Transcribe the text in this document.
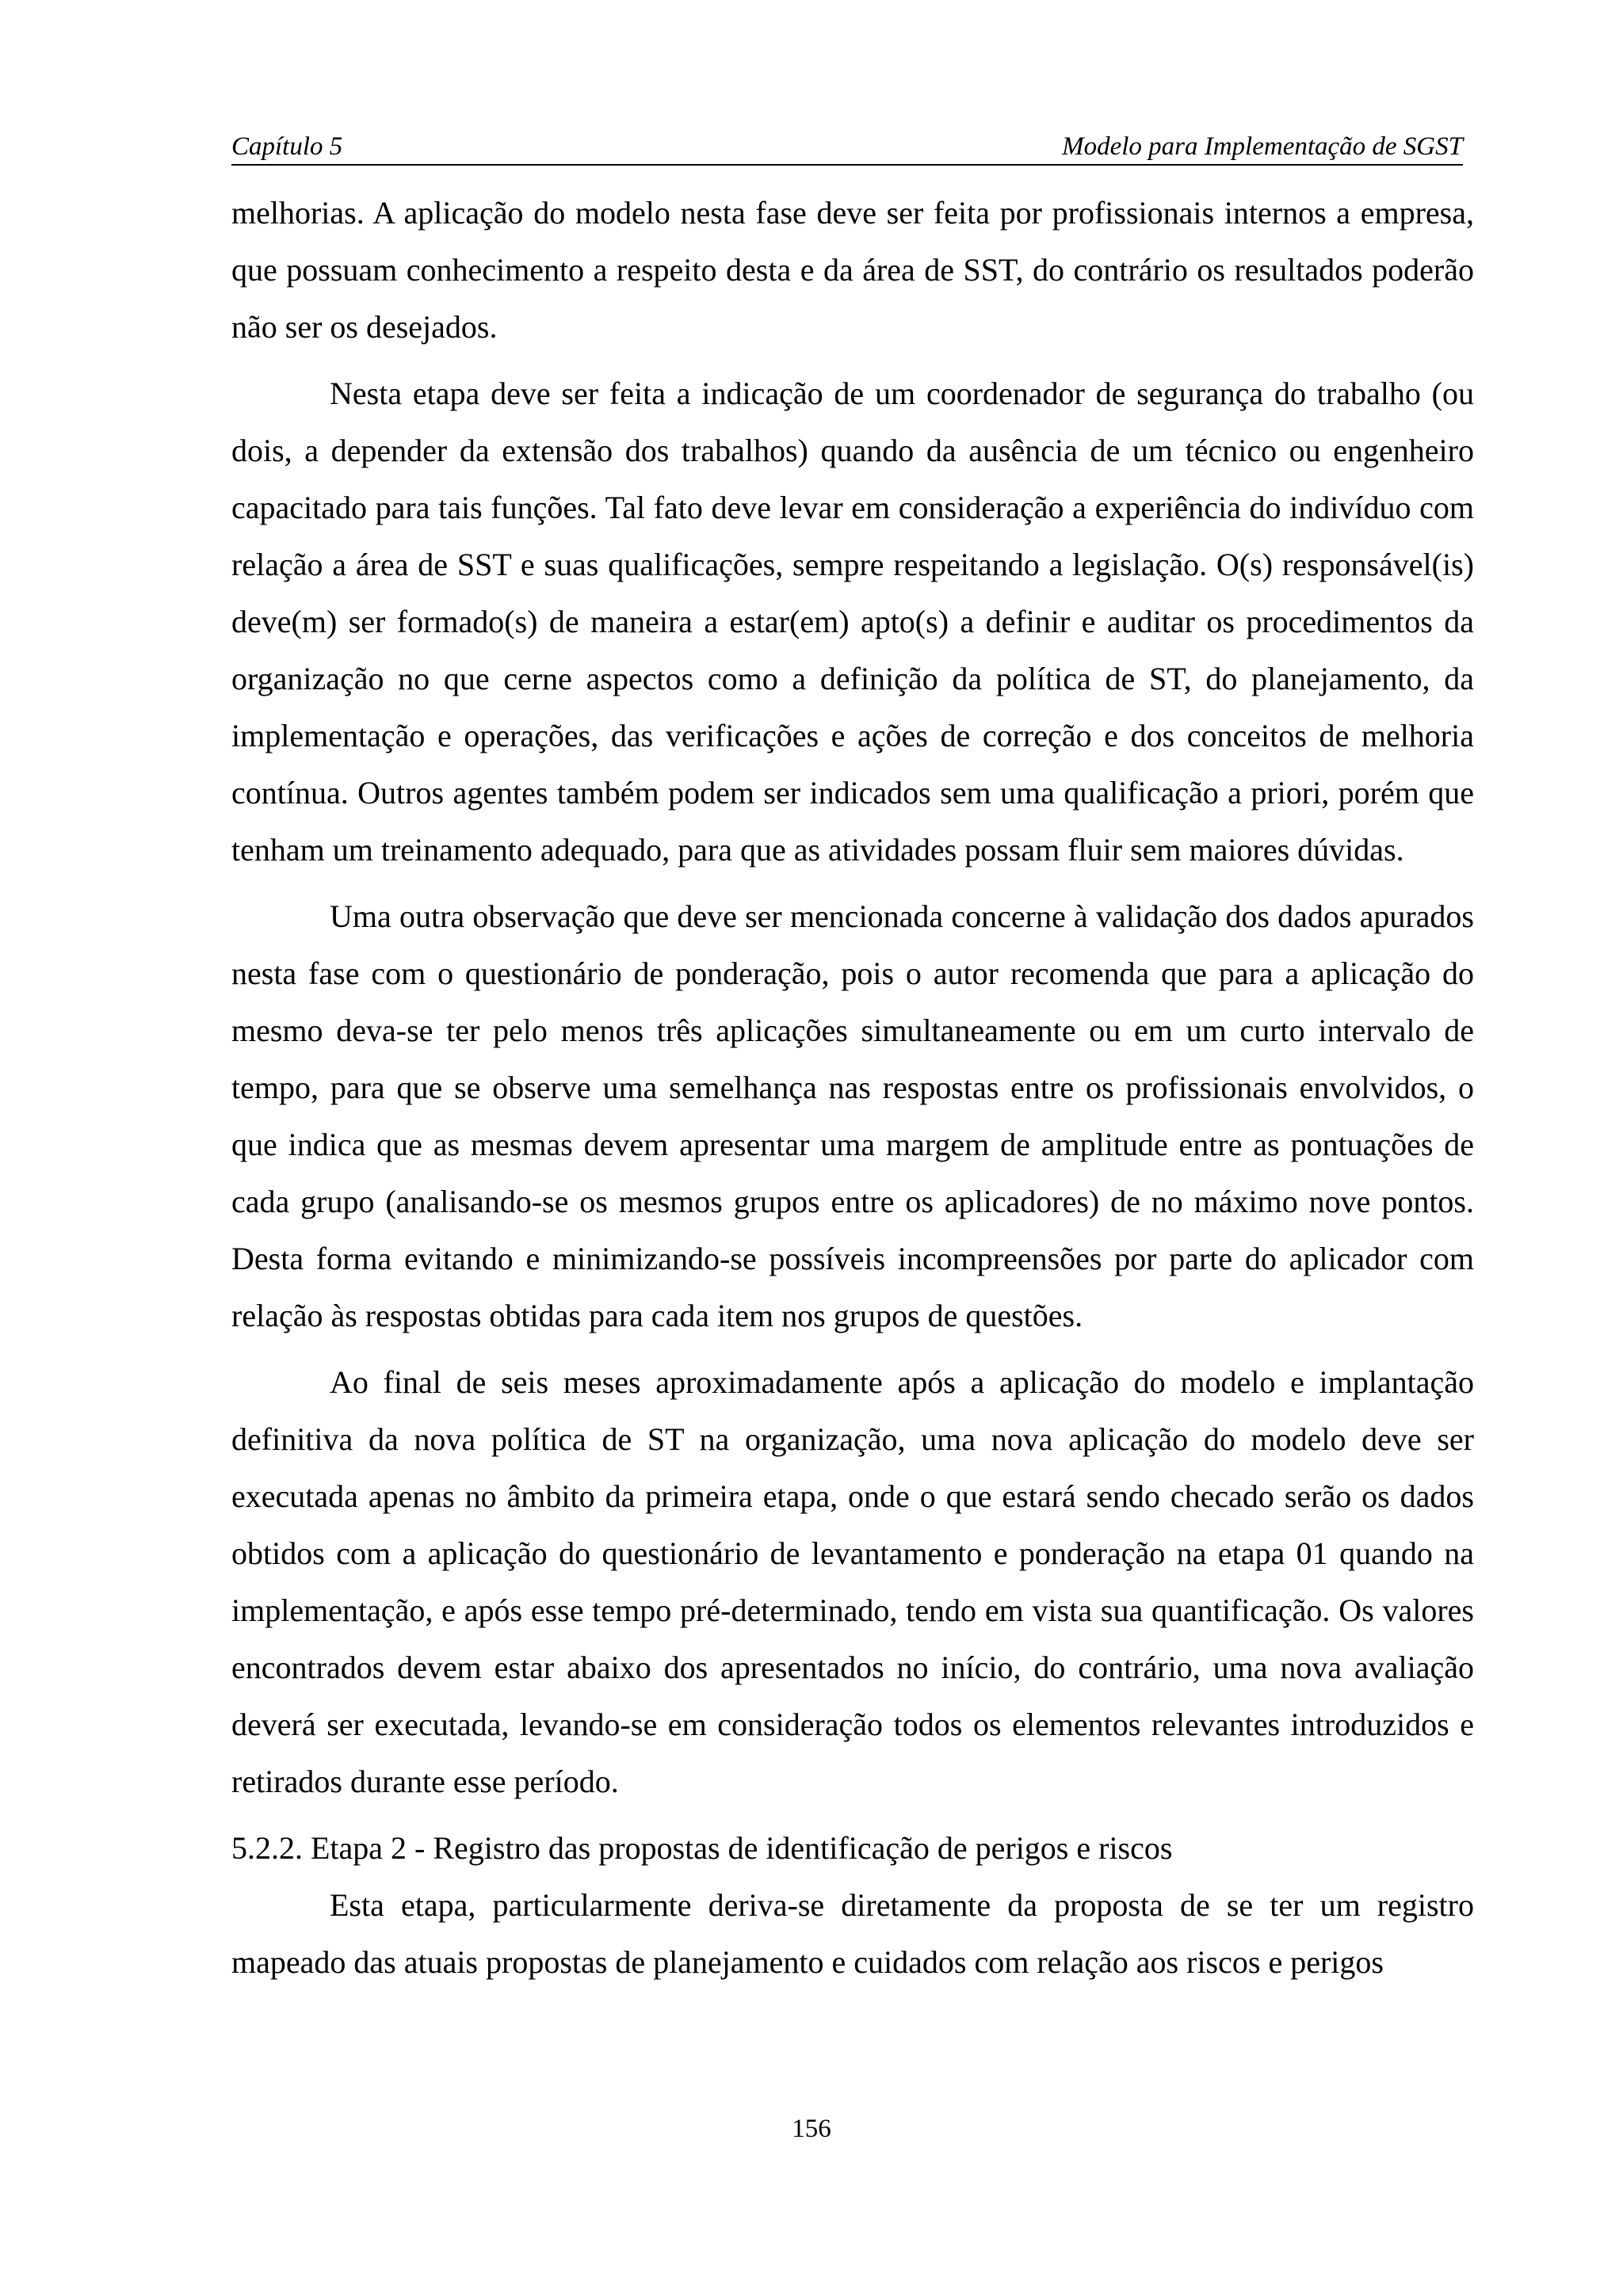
Capítulo 5	Modelo para Implementação de SGST

melhorias. A aplicação do modelo nesta fase deve ser feita por profissionais internos a empresa, que possuam conhecimento a respeito desta e da área de SST, do contrário os resultados poderão não ser os desejados.

Nesta etapa deve ser feita a indicação de um coordenador de segurança do trabalho (ou dois, a depender da extensão dos trabalhos) quando da ausência de um técnico ou engenheiro capacitado para tais funções. Tal fato deve levar em consideração a experiência do indivíduo com relação a área de SST e suas qualificações, sempre respeitando a legislação. O(s) responsável(is) deve(m) ser formado(s) de maneira a estar(em) apto(s) a definir e auditar os procedimentos da organização no que cerne aspectos como a definição da política de ST, do planejamento, da implementação e operações, das verificações e ações de correção e dos conceitos de melhoria contínua. Outros agentes também podem ser indicados sem uma qualificação a priori, porém que tenham um treinamento adequado, para que as atividades possam fluir sem maiores dúvidas.

Uma outra observação que deve ser mencionada concerne à validação dos dados apurados nesta fase com o questionário de ponderação, pois o autor recomenda que para a aplicação do mesmo deva-se ter pelo menos três aplicações simultaneamente ou em um curto intervalo de tempo, para que se observe uma semelhança nas respostas entre os profissionais envolvidos, o que indica que as mesmas devem apresentar uma margem de amplitude entre as pontuações de cada grupo (analisando-se os mesmos grupos entre os aplicadores) de no máximo nove pontos. Desta forma evitando e minimizando-se possíveis incompreensões por parte do aplicador com relação às respostas obtidas para cada item nos grupos de questões.

Ao final de seis meses aproximadamente após a aplicação do modelo e implantação definitiva da nova política de ST na organização, uma nova aplicação do modelo deve ser executada apenas no âmbito da primeira etapa, onde o que estará sendo checado serão os dados obtidos com a aplicação do questionário de levantamento e ponderação na etapa 01 quando na implementação, e após esse tempo pré-determinado, tendo em vista sua quantificação. Os valores encontrados devem estar abaixo dos apresentados no início, do contrário, uma nova avaliação deverá ser executada, levando-se em consideração todos os elementos relevantes introduzidos e retirados durante esse período.

5.2.2. Etapa 2 - Registro das propostas de identificação de perigos e riscos

Esta etapa, particularmente deriva-se diretamente da proposta de se ter um registro mapeado das atuais propostas de planejamento e cuidados com relação aos riscos e perigos

156
